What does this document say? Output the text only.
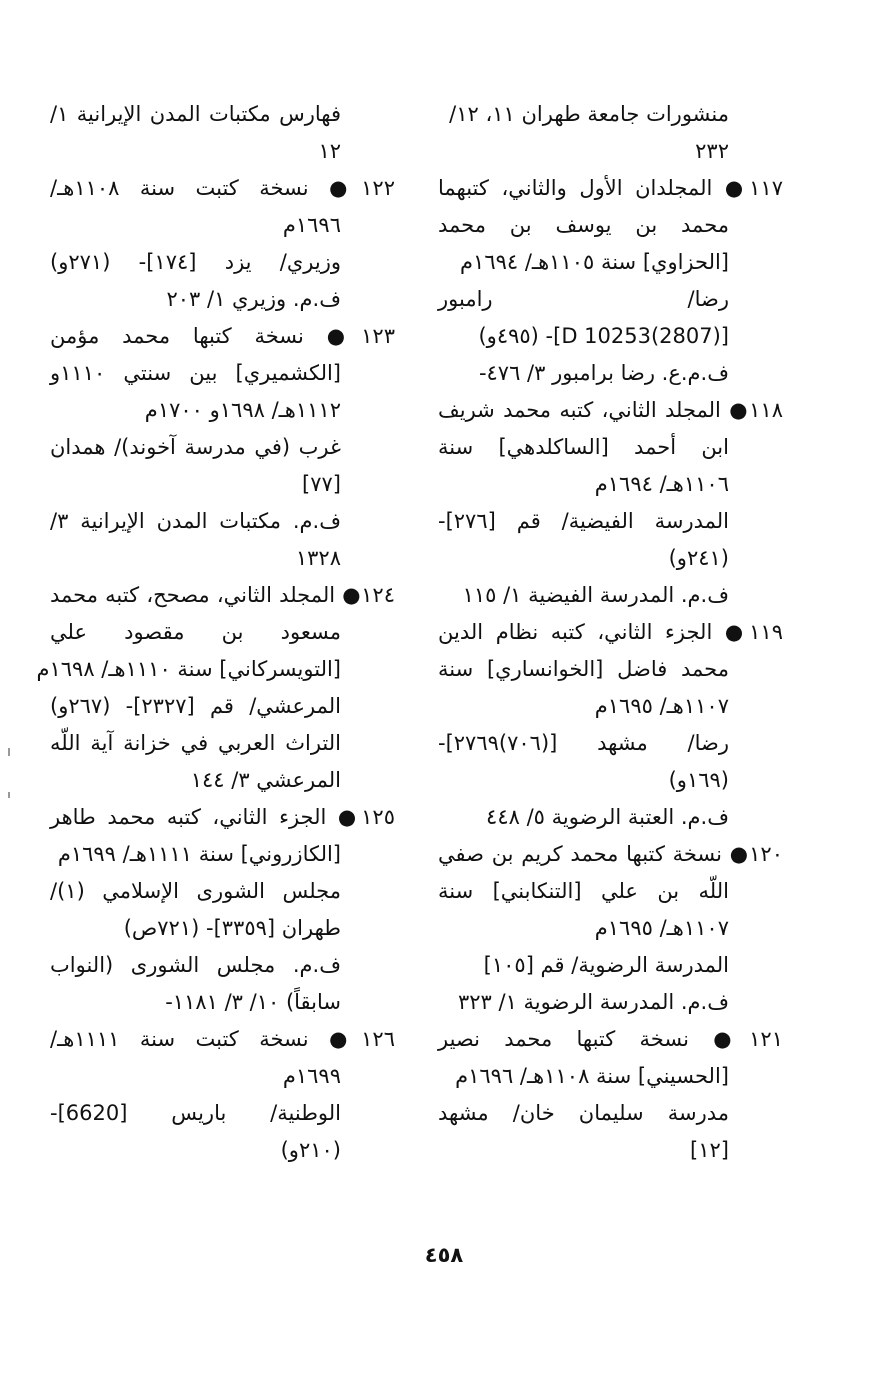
منشورات جامعة طهران ١١، ١٢/
٢٣٢
١١٧● المجلدان الأول والثاني، كتبهما
محمد بن يوسف بن محمد
[الحزاوي] سنة ١١٠٥هـ/ ١٦٩٤م
رضا/ رامبور
[D 10253(2807)]- (٤٩٥و)
ف.م.ع. رضا برامبور ٣/ ٤٧٦-
١١٨● المجلد الثاني، كتبه محمد شريف
ابن أحمد [الساكلدهي] سنة
١١٠٦هـ/ ١٦٩٤م
المدرسة الفيضية/ قم [٢٧٦]-
(٢٤١و)
ف.م. المدرسة الفيضية ١/ ١١٥
١١٩● الجزء الثاني، كتبه نظام الدين
محمد فاضل [الخوانساري] سنة
١١٠٧هـ/ ١٦٩٥م
رضا/ مشهد [(٧٠٦)٢٧٦٩]-
(١٦٩و)
ف.م. العتبة الرضوية ٥/ ٤٤٨
١٢٠● نسخة كتبها محمد كريم بن صفي
اللّه بن علي [التنكابني] سنة
١١٠٧هـ/ ١٦٩٥م
المدرسة الرضوية/ قم [١٠٥]
ف.م. المدرسة الرضوية ١/ ٣٢٣
١٢١● نسخة كتبها محمد نصير
[الحسيني] سنة ١١٠٨هـ/ ١٦٩٦م
مدرسة سليمان خان/ مشهد
[١٢]
فهارس مكتبات المدن الإيرانية ١/
١٢
١٢٢● نسخة كتبت سنة ١١٠٨هـ/
١٦٩٦م
وزيري/ يزد [١٧٤]- (٢٧١و)
ف.م. وزيري ١/ ٢٠٣
١٢٣● نسخة كتبها محمد مؤمن
[الكشميري] بين سنتي ١١١٠و
١١١٢هـ/ ١٦٩٨و ١٧٠٠م
غرب (في مدرسة آخوند)/ همدان
[٧٧]
ف.م. مكتبات المدن الإيرانية ٣/
١٣٢٨
١٢٤● المجلد الثاني، مصحح، كتبه محمد
مسعود بن مقصود علي
[التويسركاني] سنة ١١١٠هـ/ ١٦٩٨م
المرعشي/ قم [٢٣٢٧]- (٢٦٧و)
التراث العربي في خزانة آية اللّه
المرعشي ٣/ ١٤٤
١٢٥● الجزء الثاني، كتبه محمد طاهر
[الكازروني] سنة ١١١١هـ/ ١٦٩٩م
مجلس الشورى الإسلامي (١)/
طهران [٣٣٥٩]- (٧٢١ص)
ف.م. مجلس الشورى (النواب
سابقاً) ١٠/ ٣/ ١١٨١-
١٢٦● نسخة كتبت سنة ١١١١هـ/
١٦٩٩م
الوطنية/ باريس [6620]-
(٢١٠و)
٤٥٨
